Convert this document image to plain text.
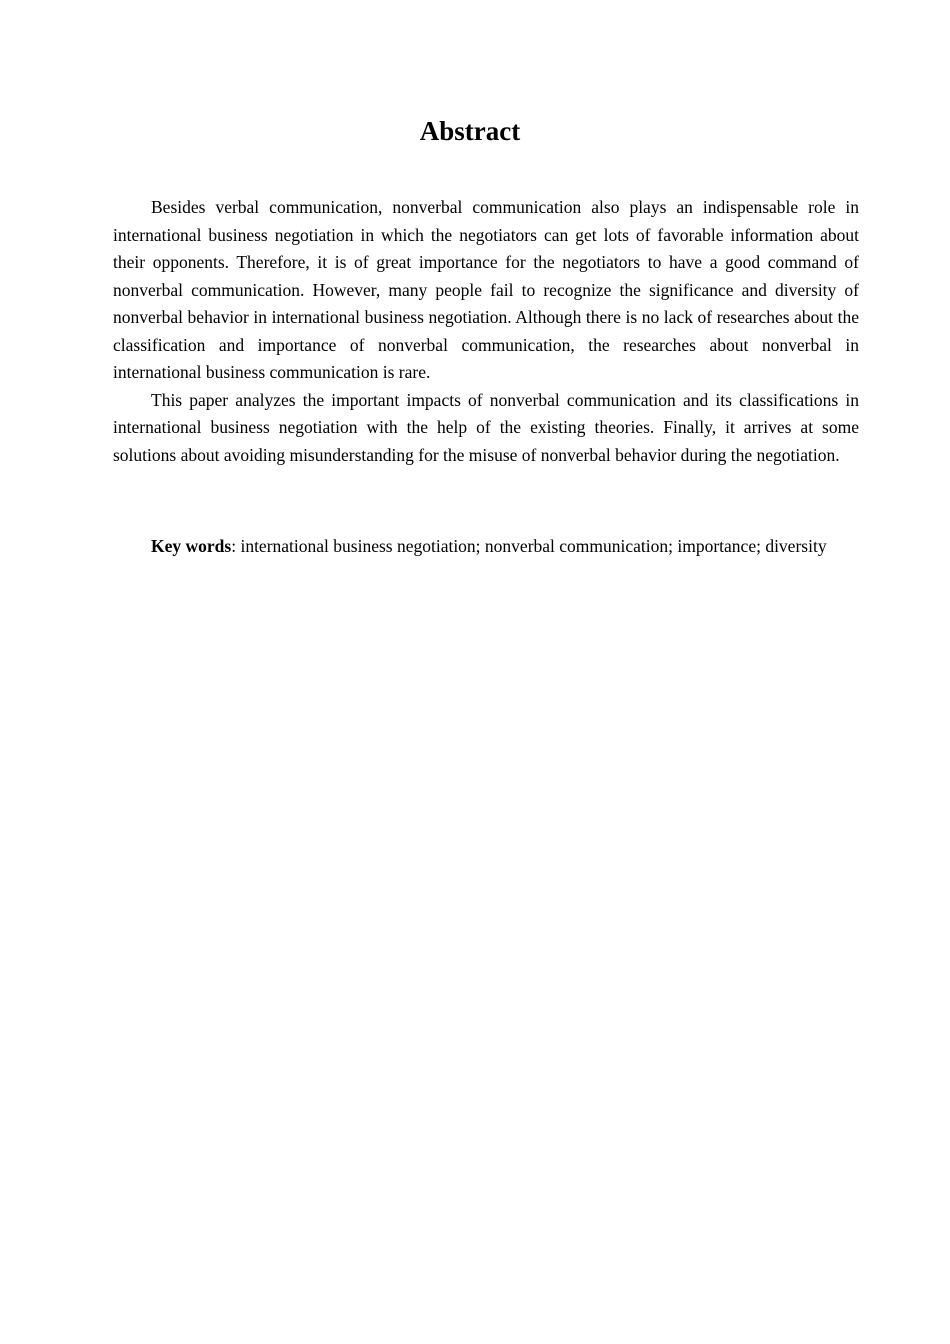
Abstract

Besides verbal communication, nonverbal communication also plays an indispensable role in international business negotiation in which the negotiators can get lots of favorable information about their opponents. Therefore, it is of great importance for the negotiators to have a good command of nonverbal communication. However, many people fail to recognize the significance and diversity of nonverbal behavior in international business negotiation. Although there is no lack of researches about the classification and importance of nonverbal communication, the researches about nonverbal in international business communication is rare.

This paper analyzes the important impacts of nonverbal communication and its classifications in international business negotiation with the help of the existing theories. Finally, it arrives at some solutions about avoiding misunderstanding for the misuse of nonverbal behavior during the negotiation.

Key words: international business negotiation; nonverbal communication; importance; diversity
